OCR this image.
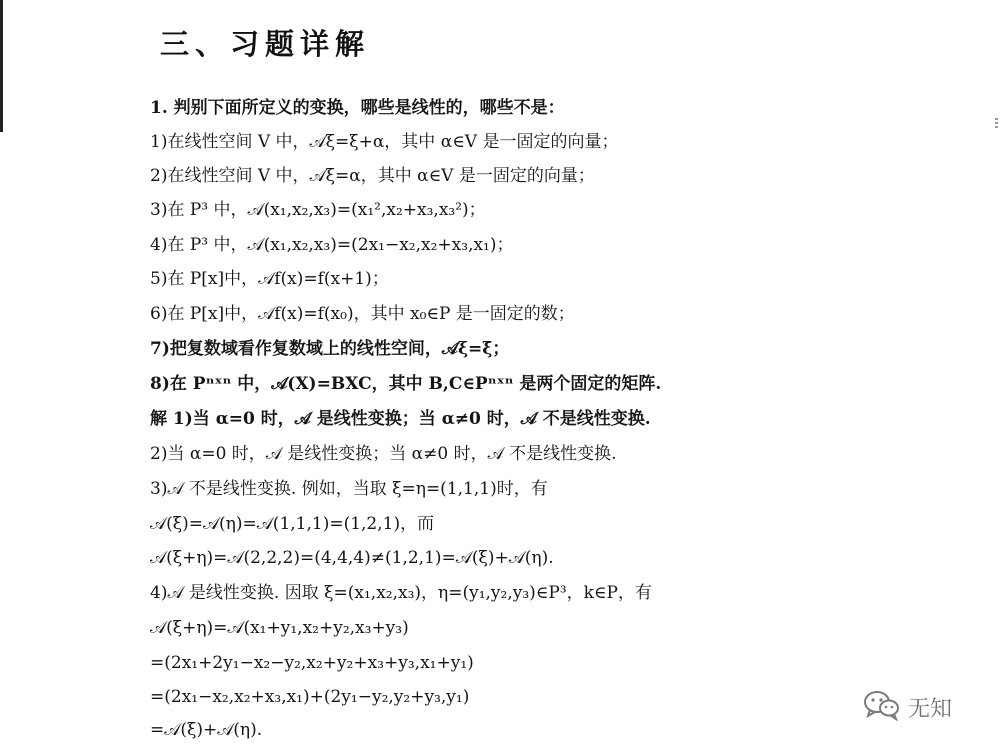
三、习题详解
1. 判别下面所定义的变换，哪些是线性的，哪些不是：
1)在线性空间 V 中，𝒜ξ=ξ+α，其中 α∈V 是一固定的向量；
2)在线性空间 V 中，𝒜ξ=α，其中 α∈V 是一固定的向量；
3)在 P³ 中，𝒜(x₁,x₂,x₃)=(x₁²,x₂+x₃,x₃²)；
4)在 P³ 中，𝒜(x₁,x₂,x₃)=(2x₁−x₂,x₂+x₃,x₁)；
5)在 P[x]中，𝒜f(x)=f(x+1)；
6)在 P[x]中，𝒜f(x)=f(x₀)，其中 x₀∈P 是一固定的数；
7)把复数域看作复数域上的线性空间，𝒜ξ=ξ̄；
8)在 Pⁿˣⁿ 中，𝒜(X)=BXC，其中 B,C∈Pⁿˣⁿ 是两个固定的矩阵.
解 1)当 α=0 时，𝒜 是线性变换；当 α≠0 时，𝒜 不是线性变换.
2)当 α=0 时，𝒜 是线性变换；当 α≠0 时，𝒜 不是线性变换.
3)𝒜 不是线性变换. 例如，当取 ξ=η=(1,1,1)时，有
𝒜(ξ)=𝒜(η)=𝒜(1,1,1)=(1,2,1)，而
𝒜(ξ+η)=𝒜(2,2,2)=(4,4,4)≠(1,2,1)=𝒜(ξ)+𝒜(η).
4)𝒜 是线性变换. 因取 ξ=(x₁,x₂,x₃)，η=(y₁,y₂,y₃)∈P³，k∈P，有
𝒜(ξ+η)=𝒜(x₁+y₁,x₂+y₂,x₃+y₃)
=(2x₁+2y₁−x₂−y₂,x₂+y₂+x₃+y₃,x₁+y₁)
=(2x₁−x₂,x₂+x₃,x₁)+(2y₁−y₂,y₂+y₃,y₁)
=𝒜(ξ)+𝒜(η).
无知
